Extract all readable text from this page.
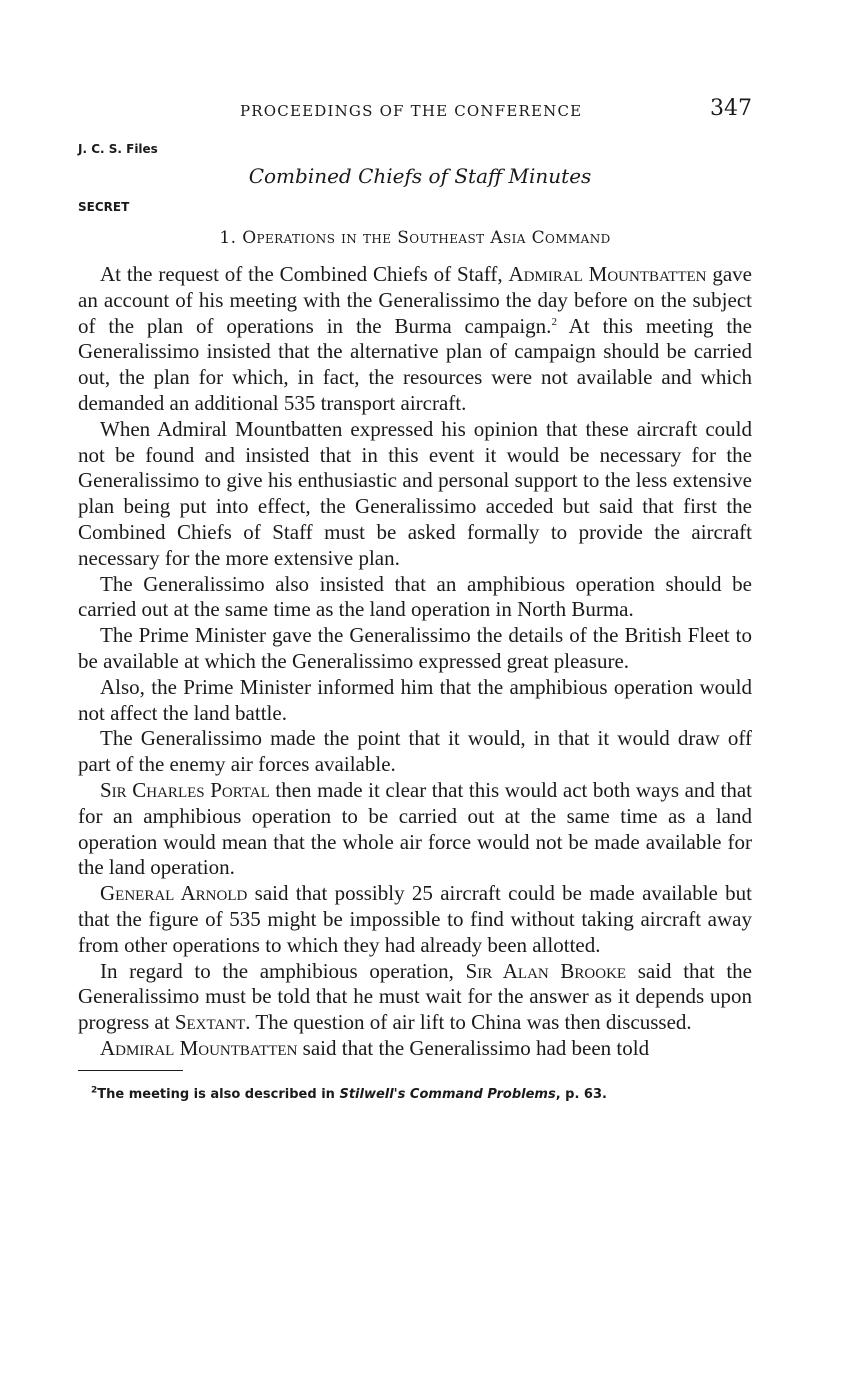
PROCEEDINGS OF THE CONFERENCE	347
J. C. S. Files
Combined Chiefs of Staff Minutes
SECRET
1. Operations in the Southeast Asia Command

At the request of the Combined Chiefs of Staff, Admiral Mountbatten gave an account of his meeting with the Generalissimo the day before on the subject of the plan of operations in the Burma campaign.$^2$ At this meeting the Generalissimo insisted that the alternative plan of campaign should be carried out, the plan for which, in fact, the resources were not available and which demanded an additional 535 transport aircraft.

When Admiral Mountbatten expressed his opinion that these aircraft could not be found and insisted that in this event it would be necessary for the Generalissimo to give his enthusiastic and personal support to the less extensive plan being put into effect, the Generalissimo acceded but said that first the Combined Chiefs of Staff must be asked formally to provide the aircraft necessary for the more extensive plan.

The Generalissimo also insisted that an amphibious operation should be carried out at the same time as the land operation in North Burma.

The Prime Minister gave the Generalissimo the details of the British Fleet to be available at which the Generalissimo expressed great pleasure.

Also, the Prime Minister informed him that the amphibious operation would not affect the land battle.

The Generalissimo made the point that it would, in that it would draw off part of the enemy air forces available.

Sir Charles Portal then made it clear that this would act both ways and that for an amphibious operation to be carried out at the same time as a land operation would mean that the whole air force would not be made available for the land operation.

General Arnold said that possibly 25 aircraft could be made available but that the figure of 535 might be impossible to find without taking aircraft away from other operations to which they had already been allotted.

In regard to the amphibious operation, Sir Alan Brooke said that the Generalissimo must be told that he must wait for the answer as it depends upon progress at Sextant. The question of air lift to China was then discussed.

Admiral Mountbatten said that the Generalissimo had been told

$^2$The meeting is also described in Stilwell's Command Problems, p. 63.
